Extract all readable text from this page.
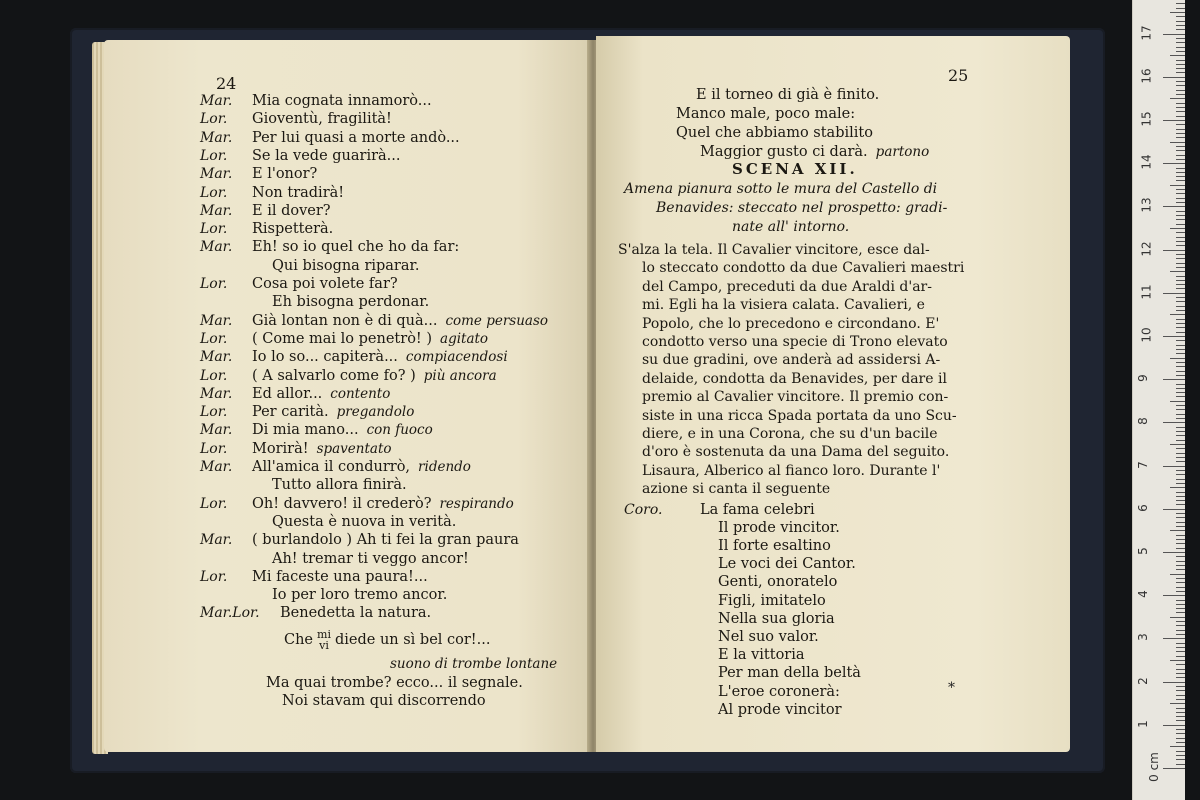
24
Mar. Mia cognata innamorò...
Lor. Gioventù, fragilità!
Mar. Per lui quasi a morte andò...
Lor. Se la vede guarirà...
Mar. E l'onor?
Lor. Non tradirà!
Mar. E il dover?
Lor. Rispetterà.
Mar. Eh! so io quel che ho da far:
Qui bisogna riparar.
Lor. Cosa poi volete far?
Eh bisogna perdonar.
Mar. Già lontan non è di quà... come persuaso
Lor. ( Come mai lo penetrò! ) agitato
Mar. Io lo so... capiterà... compiacendosi
Lor. ( A salvarlo come fo? ) più ancora
Mar. Ed allor... contento
Lor. Per carità. pregandolo
Mar. Di mia mano... con fuoco
Lor. Morirà! spaventato
Mar. All'amica il condurrò, ridendo
Tutto allora finirà.
Lor. Oh! davvero! il crederò? respirando
Questa è nuova in verità.
Mar. ( burlandolo ) Ah ti fei la gran paura
Ah! tremar ti veggo ancor!
Lor. Mi faceste una paura!...
Io per loro tremo ancor.
Mar.Lor. Benedetta la natura.
Che mi
vi diede un sì bel cor!...
suono di trombe lontane
Ma quai trombe? ecco... il segnale.
Noi stavam qui discorrendo
25
E il torneo di già è finito.
Manco male, poco male:
Quel che abbiamo stabilito
Maggior gusto ci darà. partono
SCENA XII.
Amena pianura sotto le mura del Castello di
Benavides: steccato nel prospetto: gradi-
nate all' intorno.
S'alza la tela. Il Cavalier vincitore, esce dal-
lo steccato condotto da due Cavalieri maestri
del Campo, preceduti da due Araldi d'ar-
mi. Egli ha la visiera calata. Cavalieri, e
Popolo, che lo precedono e circondano. E'
condotto verso una specie di Trono elevato
su due gradini, ove anderà ad assidersi A-
delaide, condotta da Benavides, per dare il
premio al Cavalier vincitore. Il premio con-
siste in una ricca Spada portata da uno Scu-
diere, e in una Corona, che su d'un bacile
d'oro è sostenuta da una Dama del seguito.
Lisaura, Alberico al fianco loro. Durante l'
azione si canta il seguente
Coro.	La fama celebri
Il prode vincitor.
Il forte esaltino
Le voci dei Cantor.
Genti, onoratelo
Figli, imitatelo
Nella sua gloria
Nel suo valor.
E la vittoria
Per man della beltà
L'eroe coronerà:
Al prode vincitor
*
0 cm
1
2
3
4
5
6
7
8
9
10
11
12
13
14
15
16
17
